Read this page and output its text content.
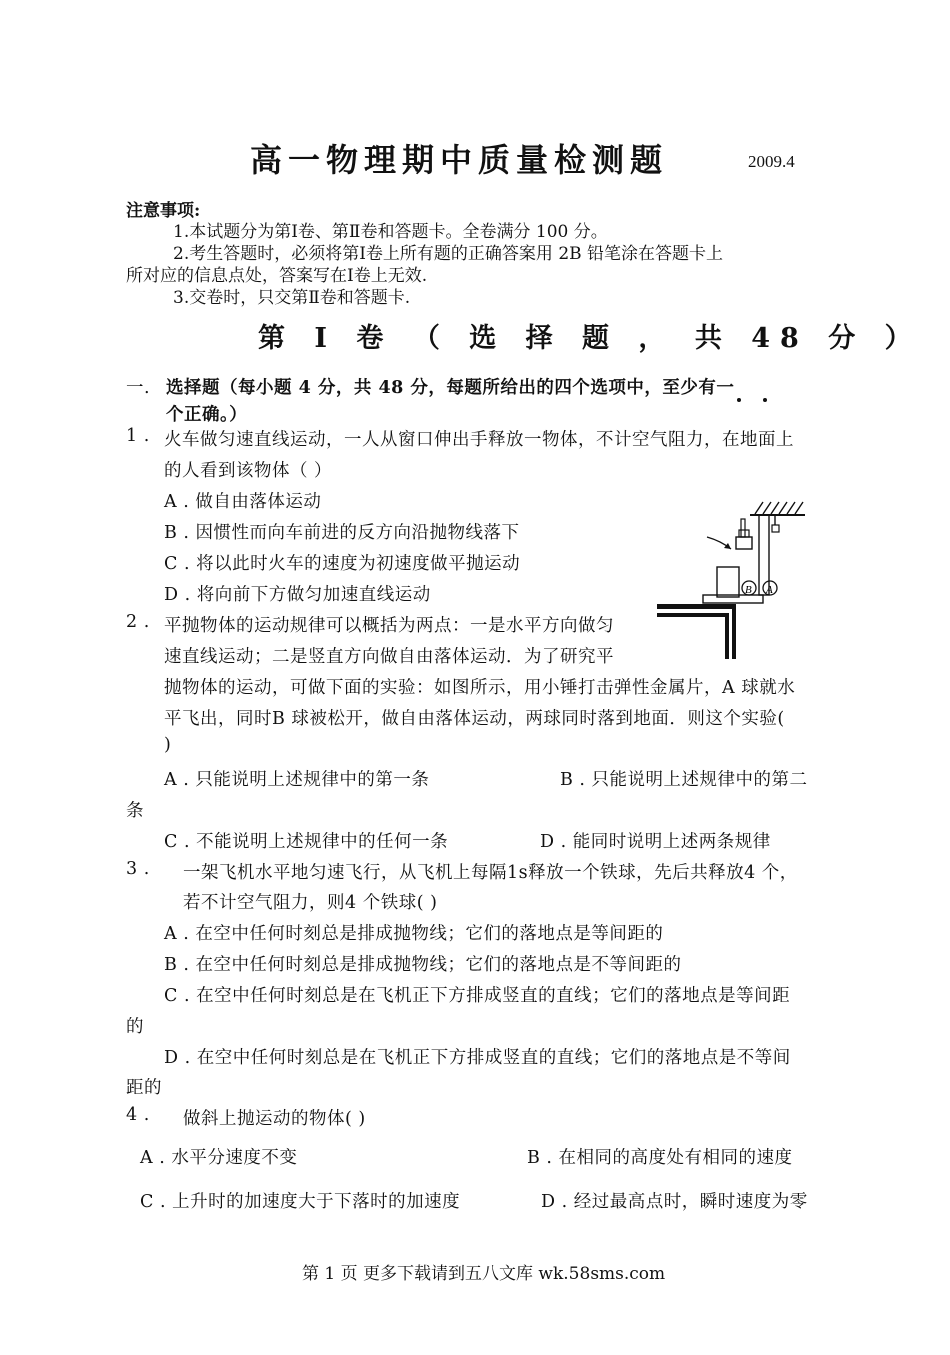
高一物理期中质量检测题	2009.4
注意事项:
1.本试题分为第Ⅰ卷、第Ⅱ卷和答题卡。全卷满分 100 分。
2.考生答题时，必须将第Ⅰ卷上所有题的正确答案用 2B 铅笔涂在答题卡上
所对应的信息点处，答案写在Ⅰ卷上无效.
3.交卷时，只交第Ⅱ卷和答题卡.
第 Ⅰ 卷 （ 选 择 题 ， 共 48 分 ）
一. 选择题（每小题 4 分，共 48 分，每题所给出的四个选项中，至少有一
个正确。）
1 . 火车做匀速直线运动，一人从窗口伸出手释放一物体，不计空气阻力，在地面上
的人看到该物体（ ）
A . 做自由落体运动
B . 因惯性而向车前进的反方向沿抛物线落下
C . 将以此时火车的速度为初速度做平抛运动
D . 将向前下方做匀加速直线运动	B A
2 . 平抛物体的运动规律可以概括为两点：一是水平方向做匀
速直线运动；二是竖直方向做自由落体运动．为了研究平
抛物体的运动，可做下面的实验：如图所示，用小锤打击弹性金属片，A 球就水
平飞出，同时B 球被松开，做自由落体运动，两球同时落到地面．则这个实验(
)
A . 只能说明上述规律中的第一条	B . 只能说明上述规律中的第二
条
C . 不能说明上述规律中的任何一条	D . 能同时说明上述两条规律
3 . 一架飞机水平地匀速飞行，从飞机上每隔1s释放一个铁球，先后共释放4 个，
若不计空气阻力，则4 个铁球( )
A . 在空中任何时刻总是排成抛物线；它们的落地点是等间距的
B . 在空中任何时刻总是排成抛物线；它们的落地点是不等间距的
C . 在空中任何时刻总是在飞机正下方排成竖直的直线；它们的落地点是等间距
的
D . 在空中任何时刻总是在飞机正下方排成竖直的直线；它们的落地点是不等间
距的
4 . 做斜上抛运动的物体( )
A . 水平分速度不变	B . 在相同的高度处有相同的速度
C . 上升时的加速度大于下落时的加速度	D . 经过最高点时，瞬时速度为零
第 1 页 更多下载请到五八文库 wk.58sms.com
